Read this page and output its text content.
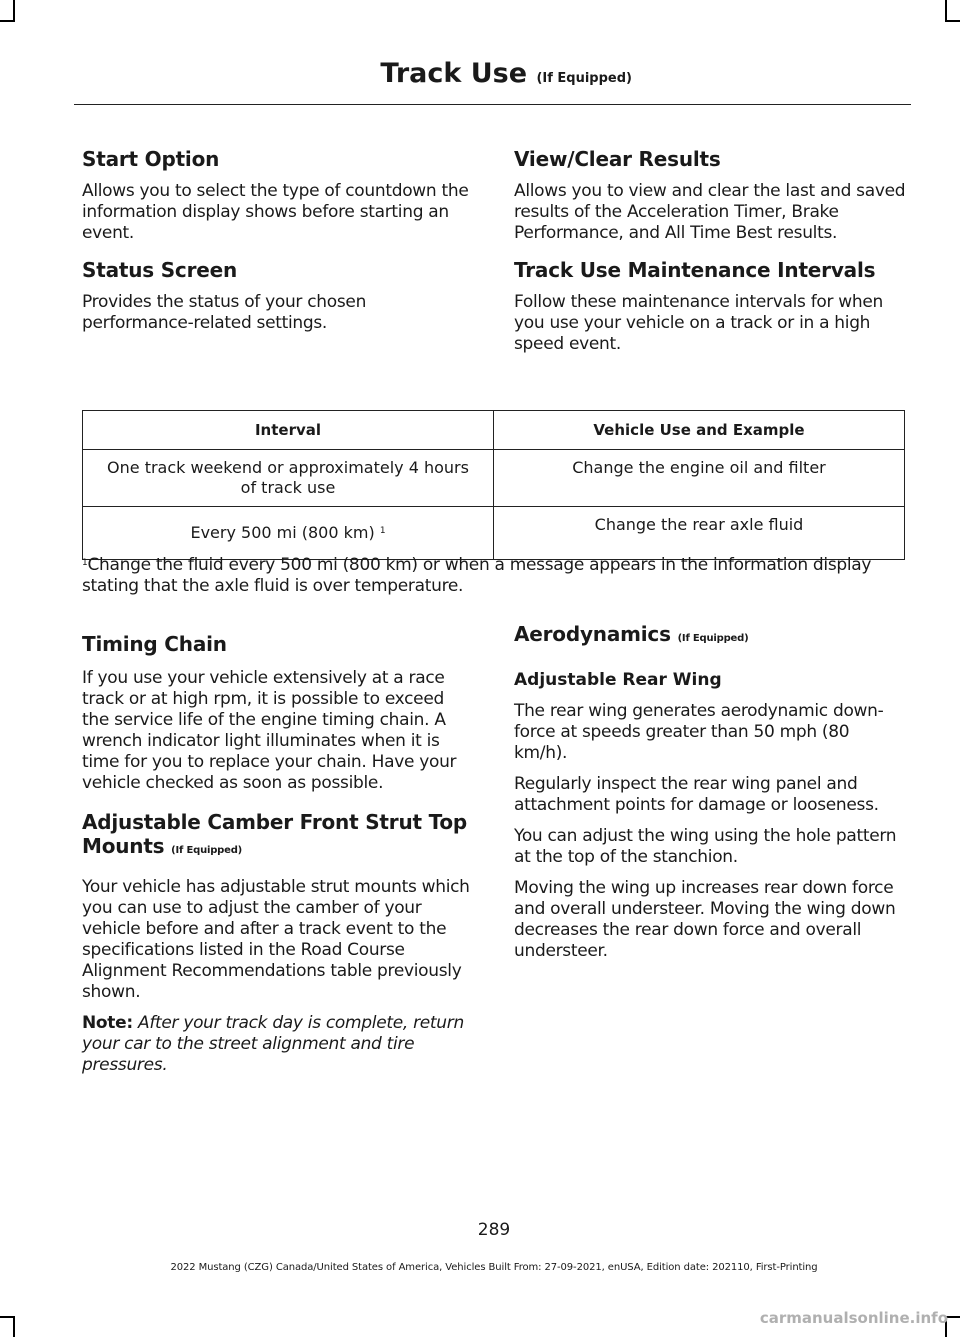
Track Use (If Equipped)
Start Option

Allows you to select the type of countdown the information display shows before starting an event.

Status Screen

Provides the status of your chosen performance-related settings.

View/Clear Results

Allows you to view and clear the last and saved results of the Acceleration Timer, Brake Performance, and All Time Best results.

Track Use Maintenance Intervals

Follow these maintenance intervals for when you use your vehicle on a track or in a high speed event.

Interval	Vehicle Use and Example
One track weekend or approximately 4 hours of track use	Change the engine oil and filter
Every 500 mi (800 km) $^1$	Change the rear axle fluid
$^1$Change the fluid every 500 mi (800 km) or when a message appears in the information display stating that the axle fluid is over temperature.
Timing Chain

If you use your vehicle extensively at a race track or at high rpm, it is possible to exceed the service life of the engine timing chain. A wrench indicator light illuminates when it is time for you to replace your chain. Have your vehicle checked as soon as possible.

Adjustable Camber Front Strut Top Mounts (If Equipped)

Your vehicle has adjustable strut mounts which you can use to adjust the camber of your vehicle before and after a track event to the specifications listed in the Road Course Alignment Recommendations table previously shown.

Note: After your track day is complete, return your car to the street alignment and tire pressures.

Aerodynamics (If Equipped)
Adjustable Rear Wing

The rear wing generates aerodynamic down-force at speeds greater than 50 mph (80 km/h).

Regularly inspect the rear wing panel and attachment points for damage or looseness.

You can adjust the wing using the hole pattern at the top of the stanchion.

Moving the wing up increases rear down force and overall understeer. Moving the wing down decreases the rear down force and overall understeer.

289
2022 Mustang (CZG) Canada/United States of America, Vehicles Built From: 27-09-2021, enUSA, Edition date: 202110, First-Printing
carmanualsonline.info
